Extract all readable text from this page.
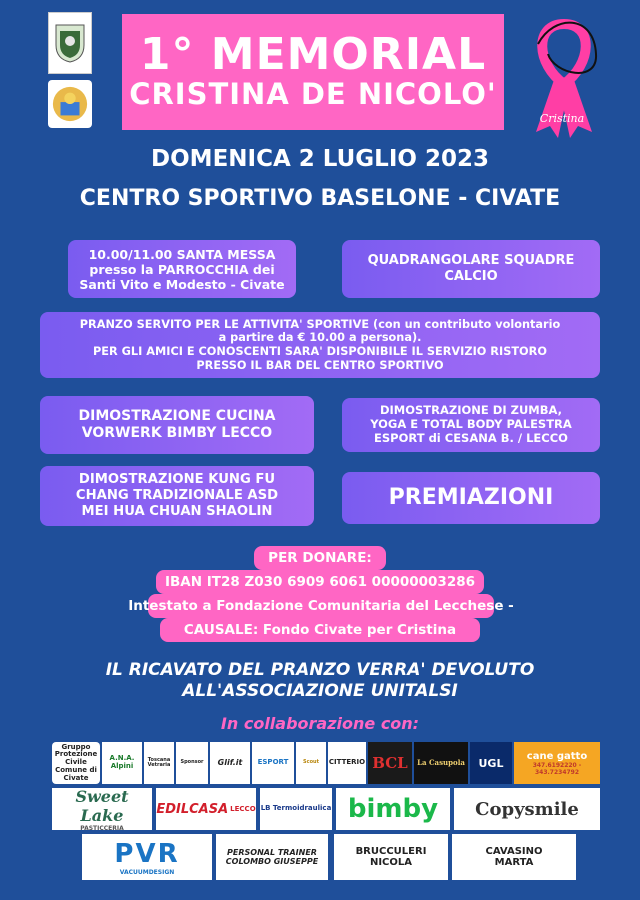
1° MEMORIAL
CRISTINA DE NICOLO'
Cristina
DOMENICA 2 LUGLIO 2023
CENTRO SPORTIVO BASELONE - CIVATE
10.00/11.00 SANTA MESSA
presso la PARROCCHIA dei
Santi Vito e Modesto - Civate
QUADRANGOLARE SQUADRE
CALCIO
PRANZO SERVITO PER LE ATTIVITA' SPORTIVE (con un contributo volontario
a partire da € 10.00 a persona).
PER GLI AMICI E CONOSCENTI SARA' DISPONIBILE IL SERVIZIO RISTORO
PRESSO IL BAR DEL CENTRO SPORTIVO
DIMOSTRAZIONE CUCINA
VORWERK BIMBY LECCO
DIMOSTRAZIONE DI ZUMBA,
YOGA E TOTAL BODY PALESTRA
ESPORT di CESANA B. / LECCO
DIMOSTRAZIONE KUNG FU
CHANG TRADIZIONALE ASD
MEI HUA CHUAN SHAOLIN
PREMIAZIONI
PER DONARE:
IBAN IT28 Z030 6909 6061 00000003286
Intestato a Fondazione Comunitaria del Lecchese -
CAUSALE: Fondo Civate per Cristina
IL RICAVATO DEL PRANZO VERRA' DEVOLUTO
ALL'ASSOCIAZIONE UNITALSI
In collaborazione con:
Gruppo Protezione Civile Comune di Civate
A.N.A. Alpini
Toscana Vetraria	Sponsor Glif.it ESPORT	Scout CITTERIO BCL La Casupola UGL
cane gatto
347.6192220 - 343.7234792
Sweet Lake
PASTICCERIA
EDILCASA LECCO LB Termoidraulica bimby Copysmile
PVR
VACUUMDESIGN
PERSONAL TRAINER
COLOMBO GIUSEPPE
BRUCCULERI
NICOLA
CAVASINO
MARTA
